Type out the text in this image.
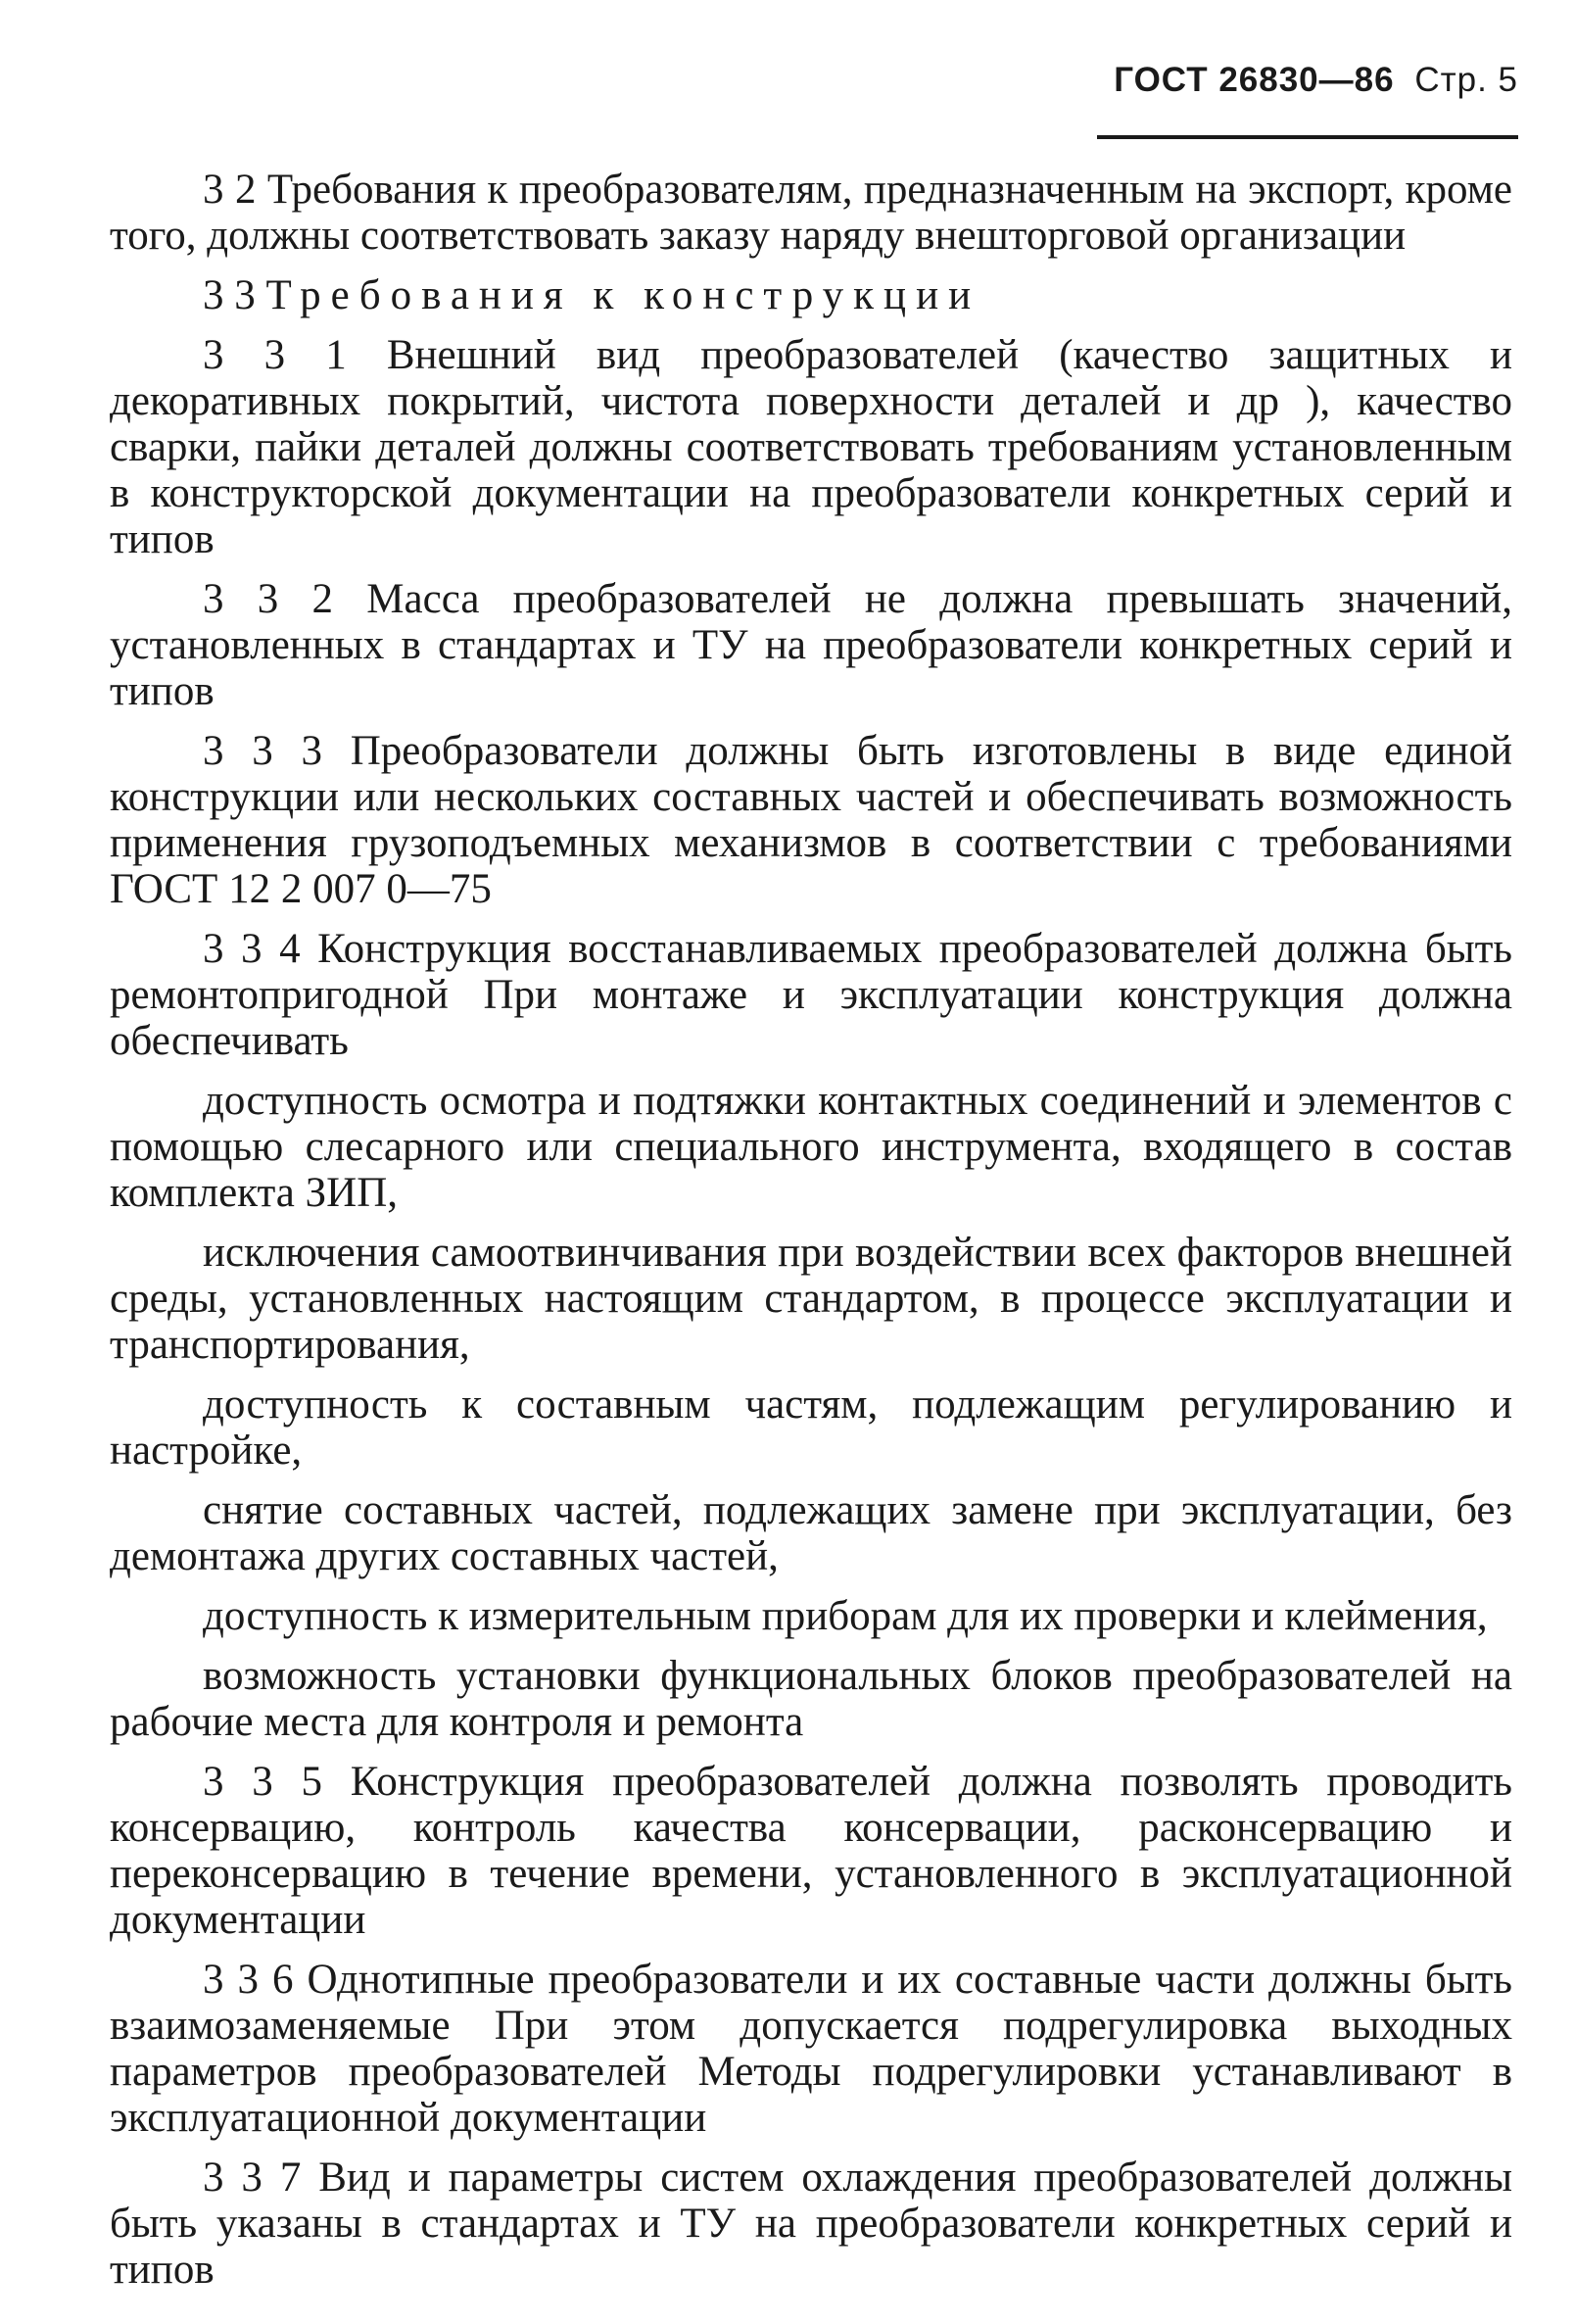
ГОСТ 26830—86 Стр. 5

3 2 Требования к преобразователям, предназначенным на экспорт, кроме того, должны соответствовать заказу наряду внешторговой организации

3 3 Требования к конструкции

3 3 1 Внешний вид преобразователей (качество защитных и декоративных покрытий, чистота поверхности деталей и др ), качество сварки, пайки деталей должны соответствовать требованиям установленным в конструкторской документации на преобразователи конкретных серий и типов

3 3 2 Масса преобразователей не должна превышать значений, установленных в стандартах и ТУ на преобразователи конкретных серий и типов

3 3 3 Преобразователи должны быть изготовлены в виде единой конструкции или нескольких составных частей и обеспечивать возможность применения грузоподъемных механизмов в соответствии с требованиями ГОСТ 12 2 007 0—75

3 3 4 Конструкция восстанавливаемых преобразователей должна быть ремонтопригодной При монтаже и эксплуатации конструкция должна обеспечивать

доступность осмотра и подтяжки контактных соединений и элементов с помощью слесарного или специального инструмента, входящего в состав комплекта ЗИП,

исключения самоотвинчивания при воздействии всех факторов внешней среды, установленных настоящим стандартом, в процессе эксплуатации и транспортирования,

доступность к составным частям, подлежащим регулированию и настройке,

снятие составных частей, подлежащих замене при эксплуатации, без демонтажа других составных частей,

доступность к измерительным приборам для их проверки и клеймения,

возможность установки функциональных блоков преобразователей на рабочие места для контроля и ремонта

3 3 5 Конструкция преобразователей должна позволять проводить консервацию, контроль качества консервации, расконсервацию и переконсервацию в течение времени, установленного в эксплуатационной документации

3 3 6 Однотипные преобразователи и их составные части должны быть взаимозаменяемые При этом допускается подрегулировка выходных параметров преобразователей Методы подрегулировки устанавливают в эксплуатационной документации

3 3 7 Вид и параметры систем охлаждения преобразователей должны быть указаны в стандартах и ТУ на преобразователи конкретных серий и типов
